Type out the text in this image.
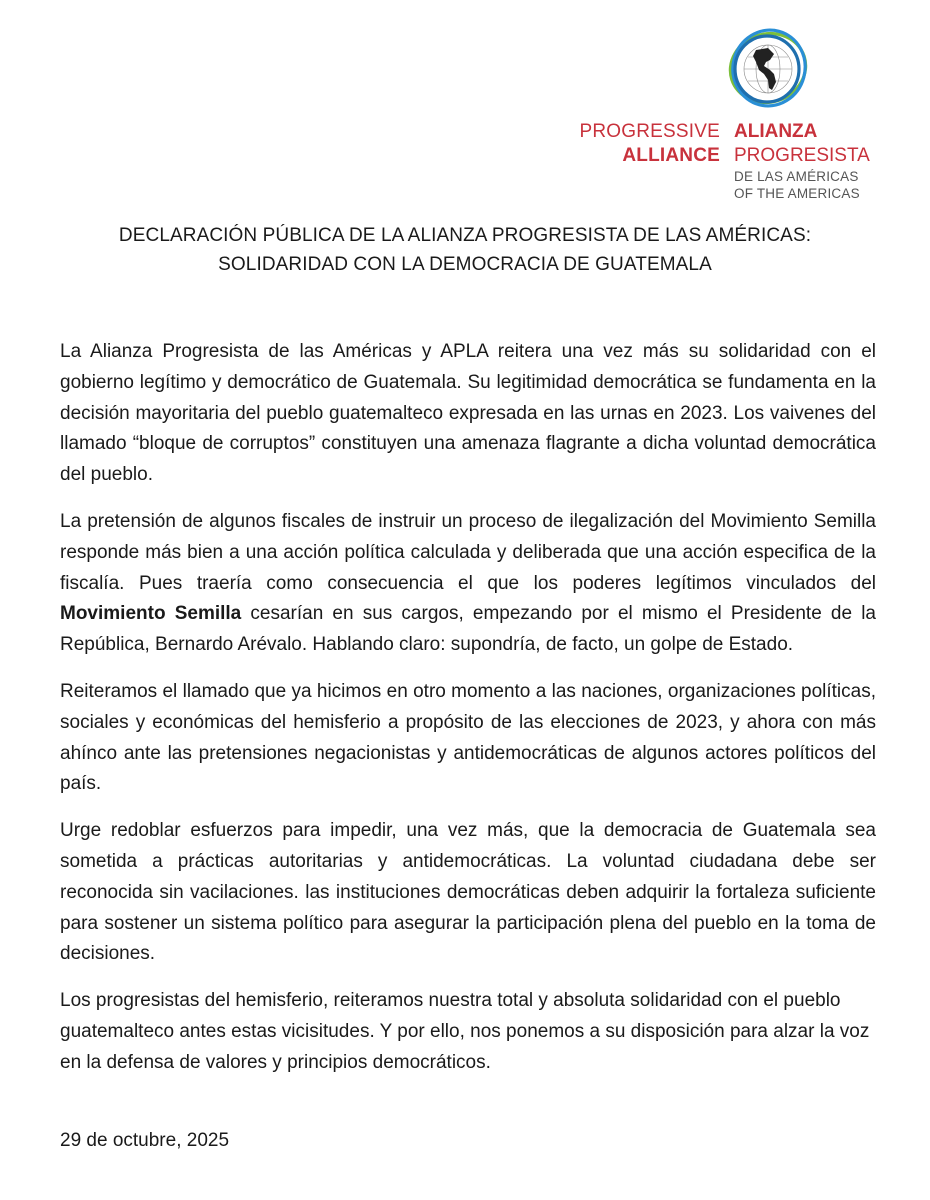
PROGRESSIVE
ALLIANCE
ALIANZA
PROGRESISTA
DE LAS AMÉRICAS
OF THE AMERICAS
DECLARACIÓN PÚBLICA DE LA ALIANZA PROGRESISTA DE LAS AMÉRICAS:
SOLIDARIDAD CON LA DEMOCRACIA DE GUATEMALA

La Alianza Progresista de las Américas y APLA reitera una vez más su solidaridad con el gobierno legítimo y democrático de Guatemala. Su legitimidad democrática se fundamenta en la decisión mayoritaria del pueblo guatemalteco expresada en las urnas en 2023. Los vaivenes del llamado “bloque de corruptos” constituyen una amenaza flagrante a dicha voluntad democrática del pueblo.

La pretensión de algunos fiscales de instruir un proceso de ilegalización del Movimiento Semilla responde más bien a una acción política calculada y deliberada que una acción especifica de la fiscalía. Pues traería como consecuencia el que los poderes legítimos vinculados del Movimiento Semilla cesarían en sus cargos, empezando por el mismo el Presidente de la República, Bernardo Arévalo. Hablando claro: supondría, de facto, un golpe de Estado.

Reiteramos el llamado que ya hicimos en otro momento a las naciones, organizaciones políticas, sociales y económicas del hemisferio a propósito de las elecciones de 2023, y ahora con más ahínco ante las pretensiones negacionistas y antidemocráticas de algunos actores políticos del país.

Urge redoblar esfuerzos para impedir, una vez más, que la democracia de Guatemala sea sometida a prácticas autoritarias y antidemocráticas. La voluntad ciudadana debe ser reconocida sin vacilaciones. las instituciones democráticas deben adquirir la fortaleza suficiente para sostener un sistema político para asegurar la participación plena del pueblo en la toma de decisiones.

Los progresistas del hemisferio, reiteramos nuestra total y absoluta solidaridad con el pueblo guatemalteco antes estas vicisitudes. Y por ello, nos ponemos a su disposición para alzar la voz en la defensa de valores y principios democráticos.

29 de octubre, 2025
